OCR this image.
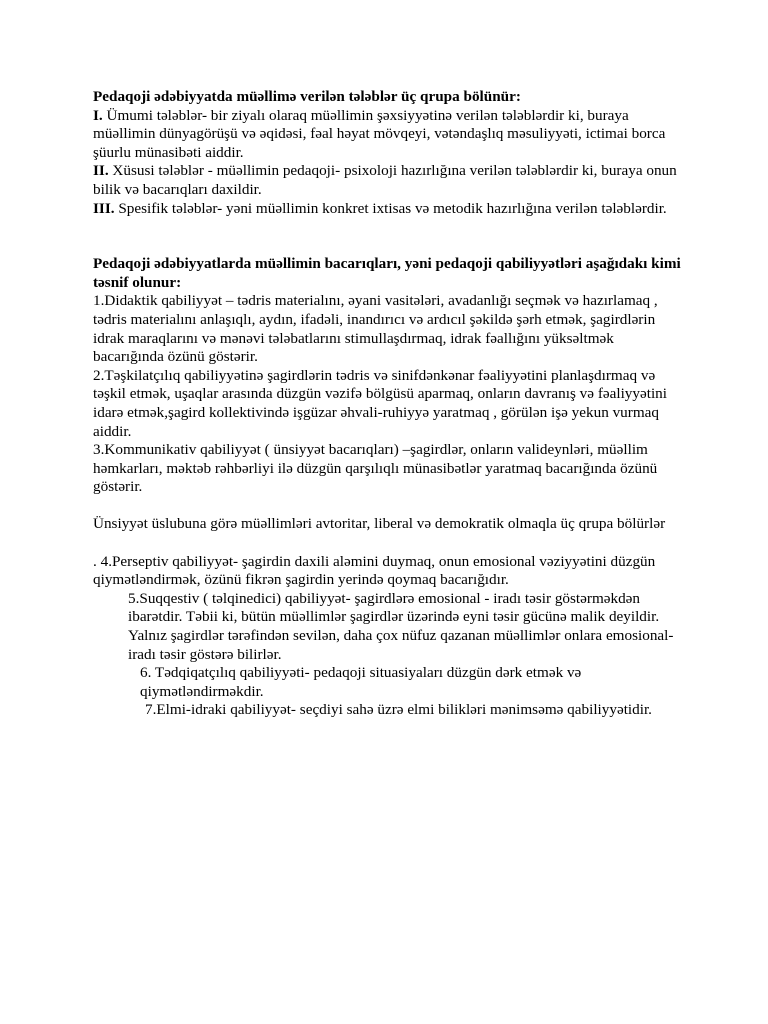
Pedaqoji ədəbiyyatda müəllimə verilən tələblər üç qrupa bölünür:

I. Ümumi tələblər- bir ziyalı olaraq müəllimin şəxsiyyətinə verilən tələblərdir ki, buraya müəllimin dünyagörüşü və əqidəsi, fəal həyat mövqeyi, vətəndaşlıq məsuliyyəti, ictimai borca şüurlu münasibəti aiddir.

II. Xüsusi tələblər - müəllimin pedaqoji- psixoloji hazırlığına verilən tələblərdir ki, buraya onun bilik və bacarıqları daxildir.

III. Spesifik tələblər- yəni müəllimin konkret ixtisas və metodik hazırlığına verilən tələblərdir.

Pedaqoji ədəbiyyatlarda müəllimin bacarıqları, yəni pedaqoji qabiliyyətləri aşağıdakı kimi təsnif olunur:

1.Didaktik qabiliyyət – tədris materialını, əyani vasitələri, avadanlığı seçmək və hazırlamaq , tədris materialını anlaşıqlı, aydın, ifadəli, inandırıcı və ardıcıl şəkildə şərh etmək, şagirdlərin idrak maraqlarını və mənəvi tələbatlarını stimullaşdırmaq, idrak fəallığını yüksəltmək bacarığında özünü göstərir.

2.Təşkilatçılıq qabiliyyətinə şagirdlərin tədris və sinifdənkənar fəaliyyətini planlaşdırmaq və təşkil etmək, uşaqlar arasında düzgün vəzifə bölgüsü aparmaq, onların davranış və fəaliyyətini idarə etmək,şagird kollektivində işgüzar əhvali-ruhiyyə yaratmaq , görülən işə yekun vurmaq aiddir.

3.Kommunikativ qabiliyyət ( ünsiyyət bacarıqları) –şagirdlər, onların valideynləri, müəllim həmkarları, məktəb rəhbərliyi ilə düzgün qarşılıqlı münasibətlər yaratmaq bacarığında özünü göstərir.

Ünsiyyət üslubuna görə müəllimləri avtoritar, liberal və demokratik olmaqla üç qrupa bölürlər

. 4.Perseptiv qabiliyyət- şagirdin daxili aləmini duymaq, onun emosional vəziyyətini düzgün qiymətləndirmək, özünü fikrən şagirdin yerində qoymaq bacarığıdır.

5.Suqqestiv ( təlqinedici) qabiliyyət- şagirdlərə emosional - iradı təsir göstərməkdən ibarətdir. Təbii ki, bütün müəllimlər şagirdlər üzərində eyni təsir gücünə malik deyildir. Yalnız şagirdlər tərəfindən sevilən, daha çox nüfuz qazanan müəllimlər onlara emosional-iradı təsir göstərə bilirlər.

6. Tədqiqatçılıq qabiliyyəti- pedaqoji situasiyaları düzgün dərk etmək və qiymətləndirməkdir.

7.Elmi-idraki qabiliyyət- seçdiyi sahə üzrə elmi bilikləri mənimsəmə qabiliyyətidir.
